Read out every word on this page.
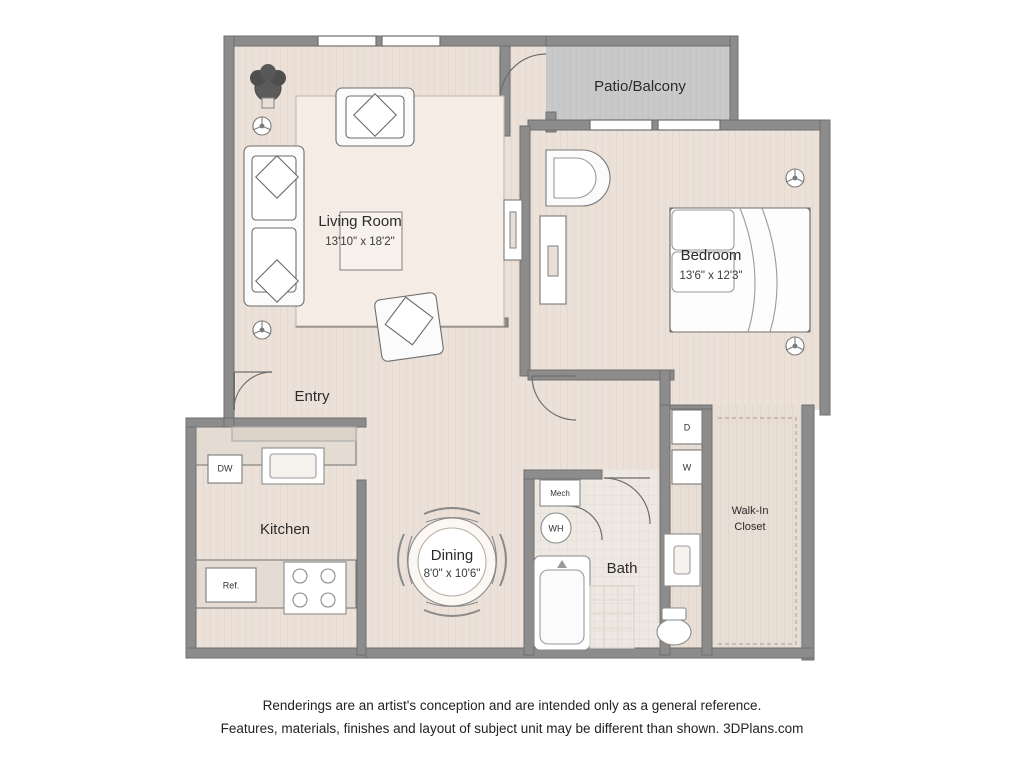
Living Room
13'10" x 18'2"
Bedroom
13'6" x 12'3"
Dining
8'0" x 10'6"
Kitchen
Bath
Entry
Patio/Balcony
Walk-In
Closet
DW
Ref.
WH
Mech
D
W
Renderings are an artist's conception and are intended only as a general reference.
Features, materials, finishes and layout of subject unit may be different than shown. 3DPlans.com
